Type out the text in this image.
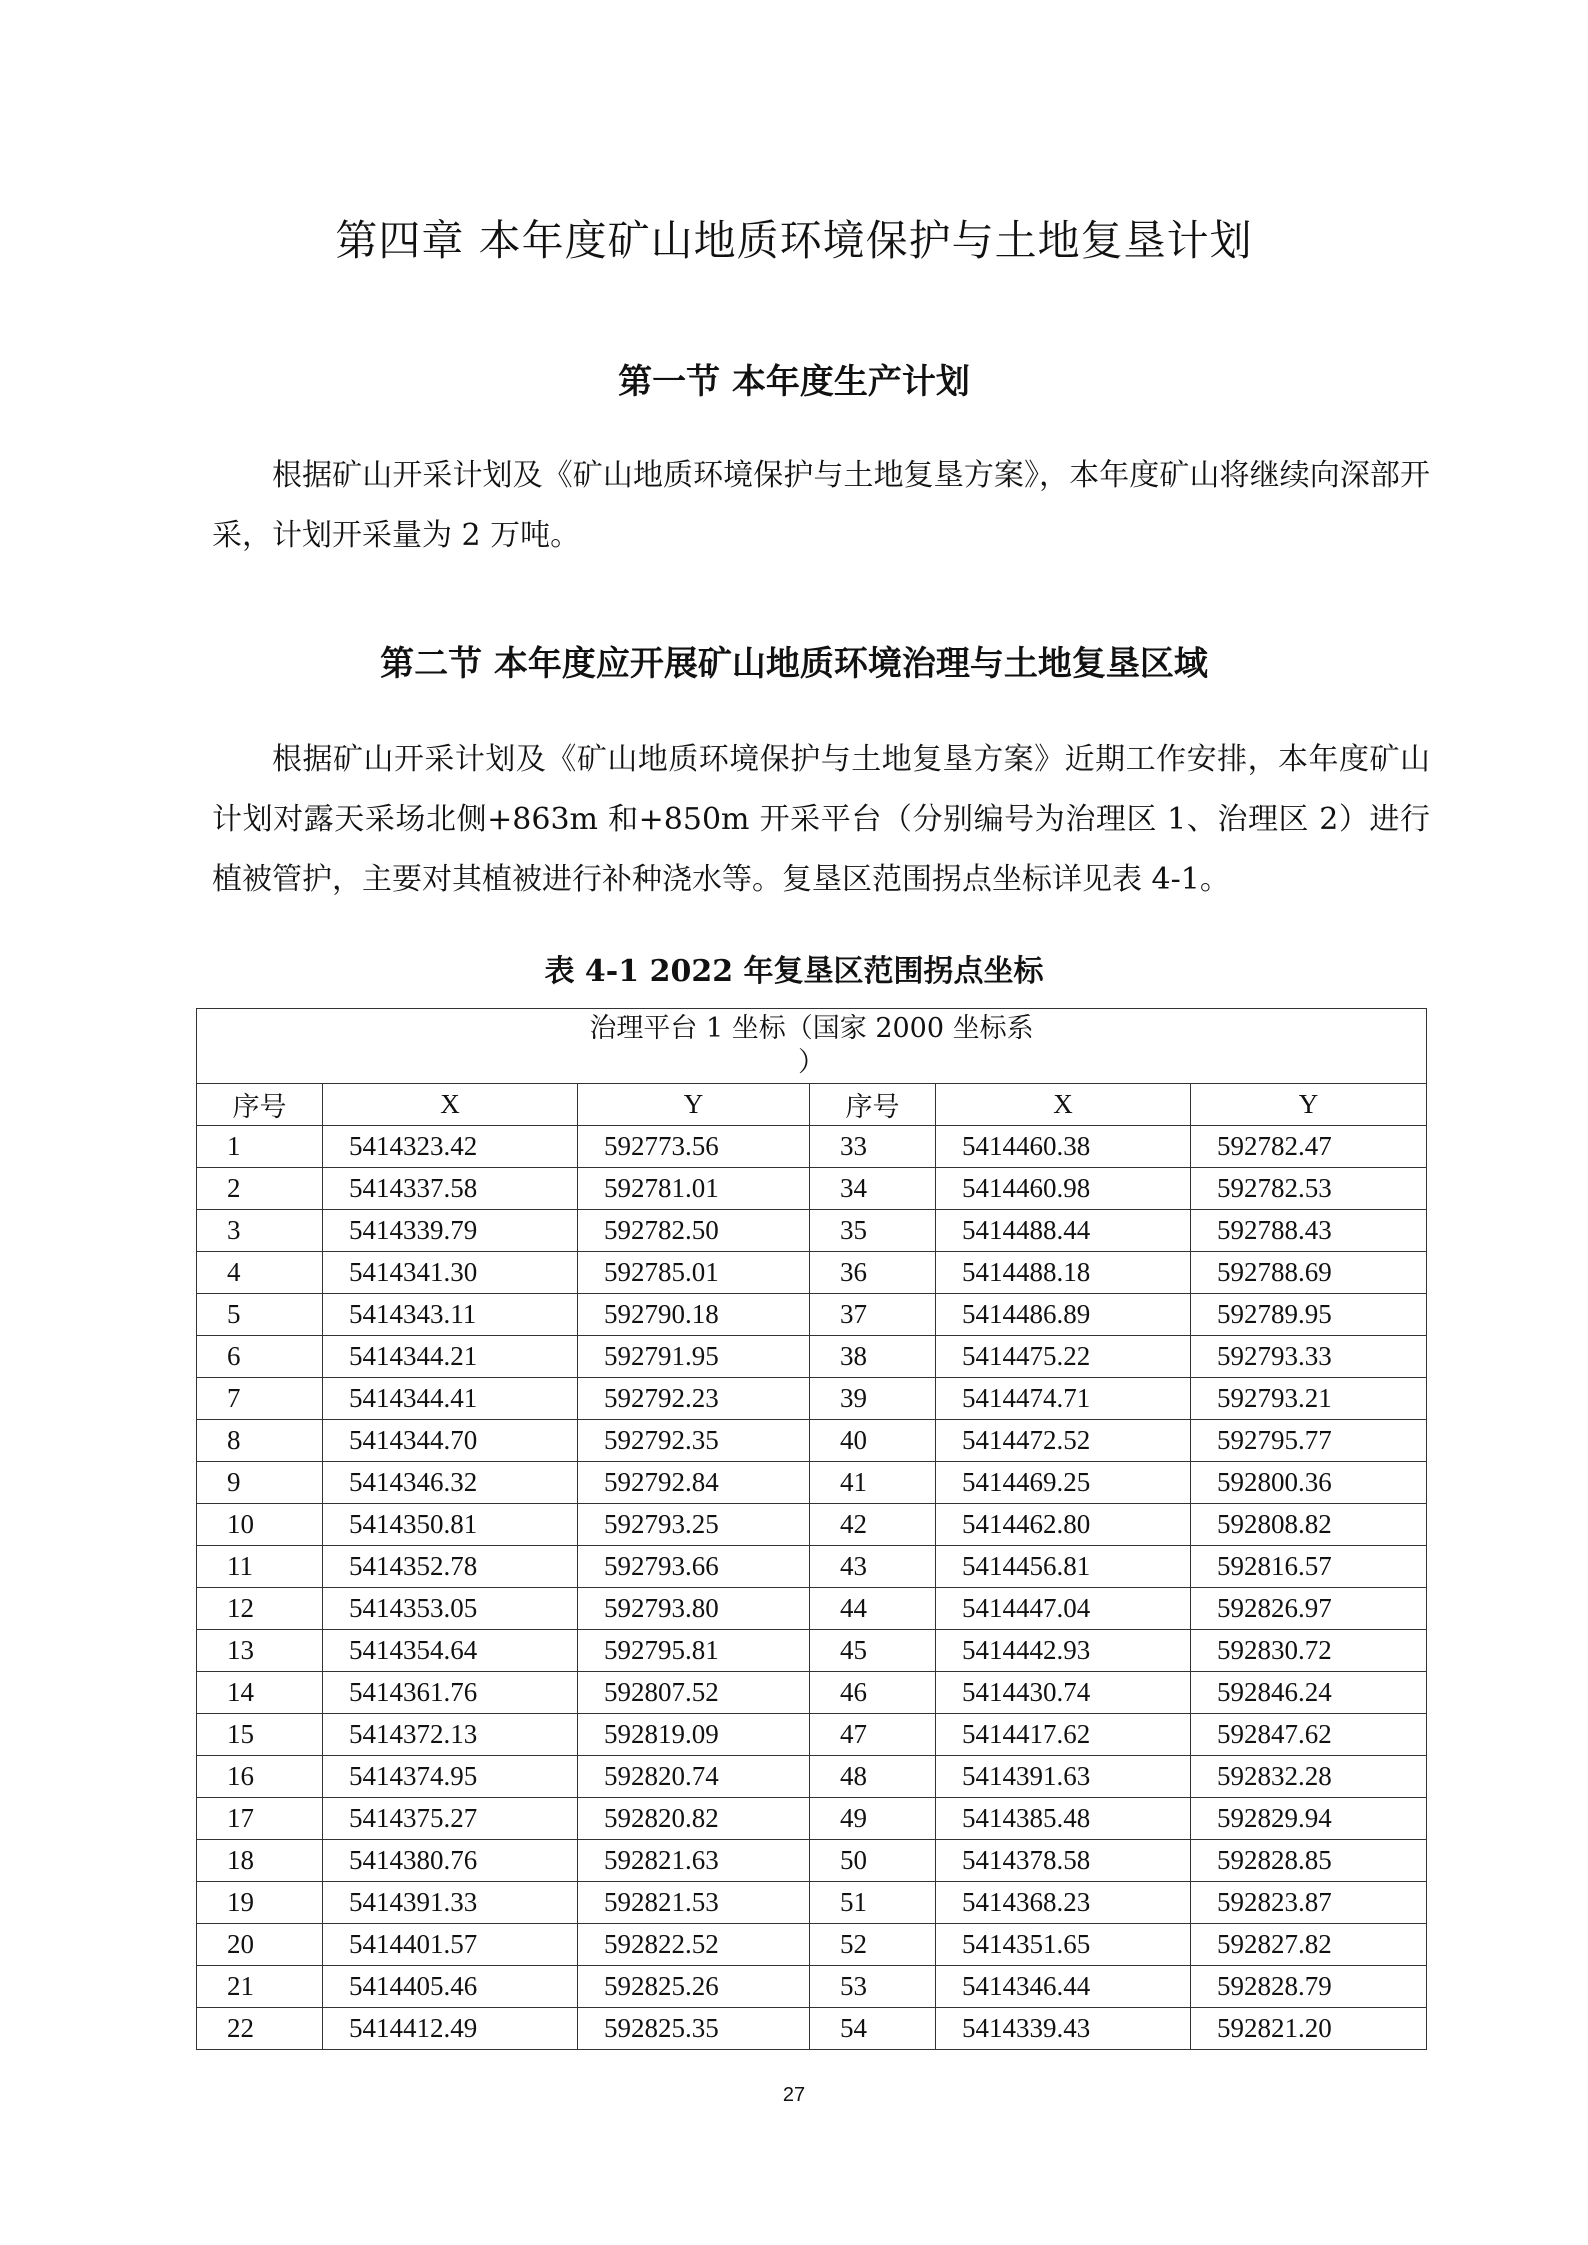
第四章 本年度矿山地质环境保护与土地复垦计划
第一节 本年度生产计划
根据矿山开采计划及《矿山地质环境保护与土地复垦方案》，本年度矿山将继续向深部开采，计划开采量为 2 万吨。
第二节 本年度应开展矿山地质环境治理与土地复垦区域
根据矿山开采计划及《矿山地质环境保护与土地复垦方案》近期工作安排，本年度矿山计划对露天采场北侧+863m 和+850m 开采平台（分别编号为治理区 1、治理区 2）进行植被管护，主要对其植被进行补种浇水等。复垦区范围拐点坐标详见表 4-1。
表 4-1 2022 年复垦区范围拐点坐标
治理平台 1 坐标（国家 2000 坐标系
）					

序号	X	Y	序号	X	Y
1	5414323.42	592773.56	33	5414460.38	592782.47
2	5414337.58	592781.01	34	5414460.98	592782.53
3	5414339.79	592782.50	35	5414488.44	592788.43
4	5414341.30	592785.01	36	5414488.18	592788.69
5	5414343.11	592790.18	37	5414486.89	592789.95
6	5414344.21	592791.95	38	5414475.22	592793.33
7	5414344.41	592792.23	39	5414474.71	592793.21
8	5414344.70	592792.35	40	5414472.52	592795.77
9	5414346.32	592792.84	41	5414469.25	592800.36
10	5414350.81	592793.25	42	5414462.80	592808.82
11	5414352.78	592793.66	43	5414456.81	592816.57
12	5414353.05	592793.80	44	5414447.04	592826.97
13	5414354.64	592795.81	45	5414442.93	592830.72
14	5414361.76	592807.52	46	5414430.74	592846.24
15	5414372.13	592819.09	47	5414417.62	592847.62
16	5414374.95	592820.74	48	5414391.63	592832.28
17	5414375.27	592820.82	49	5414385.48	592829.94
18	5414380.76	592821.63	50	5414378.58	592828.85
19	5414391.33	592821.53	51	5414368.23	592823.87
20	5414401.57	592822.52	52	5414351.65	592827.82
21	5414405.46	592825.26	53	5414346.44	592828.79
22	5414412.49	592825.35	54	5414339.43	592821.20
27
